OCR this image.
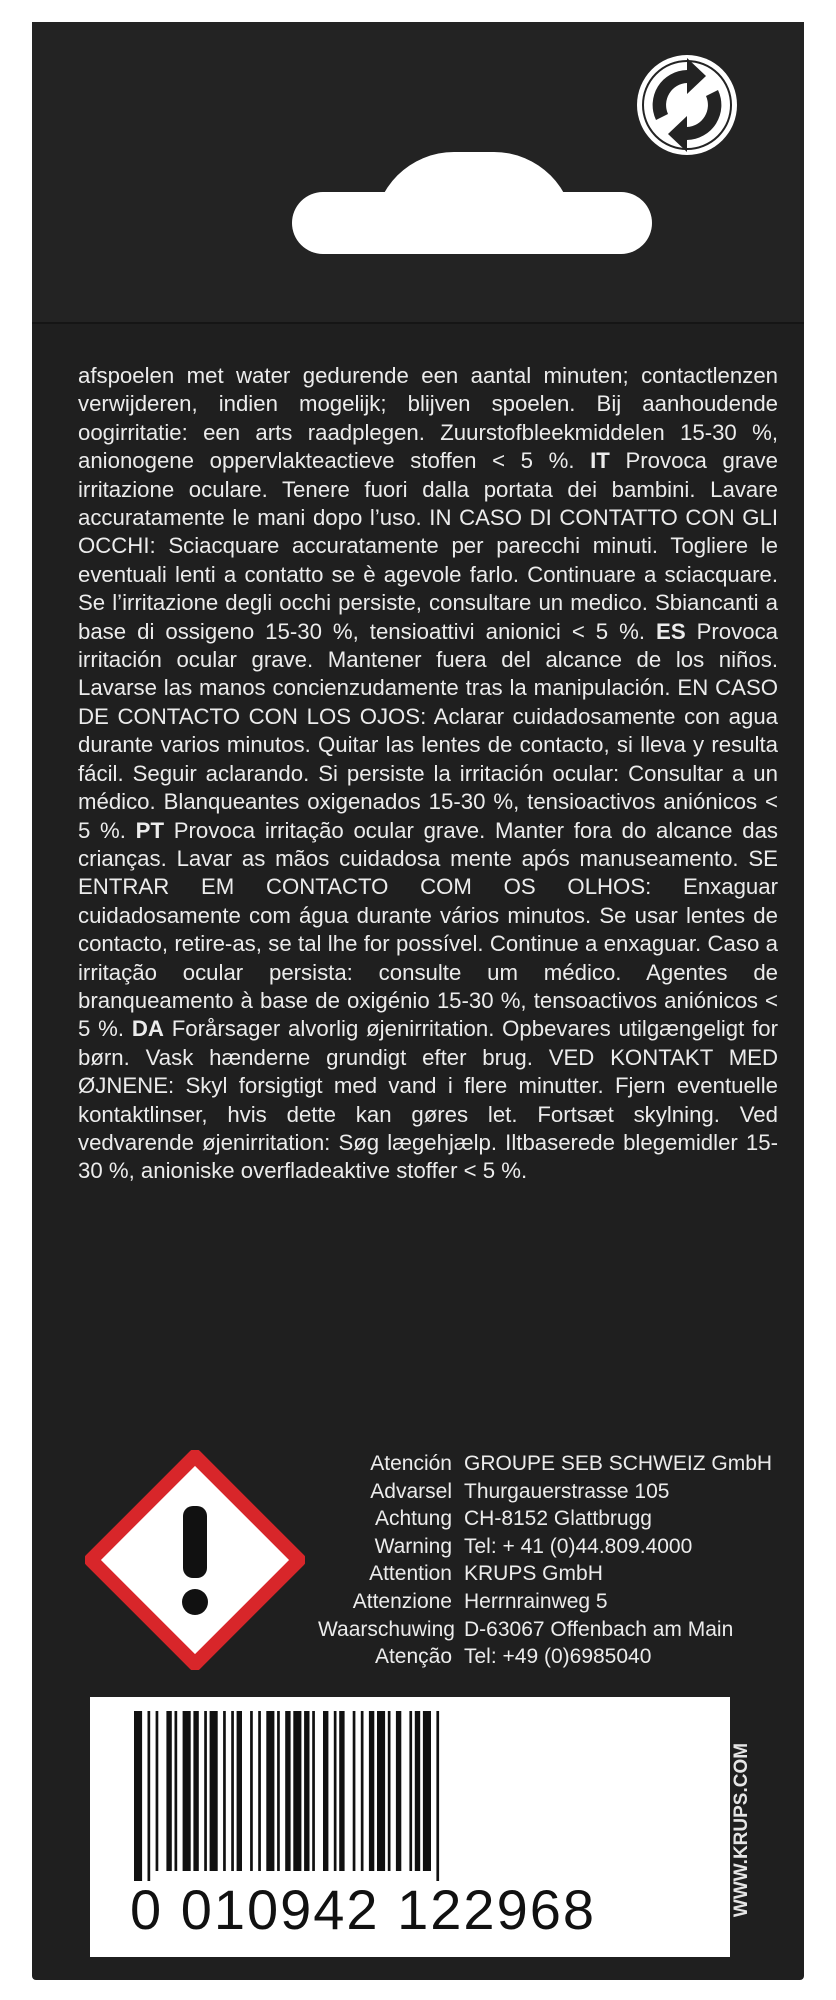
afspoelen met water gedurende een aantal minuten; contactlenzen verwijderen, indien mogelijk; blijven spoelen. Bij aanhoudende oogirritatie: een arts raadplegen. Zuurstofbleekmiddelen 15-30 %, anionogene oppervlakteactieve stoffen < 5 %. IT Provoca grave irritazione oculare. Tenere fuori dalla portata dei bambini. Lavare accuratamente le mani dopo l’uso. IN CASO DI CONTATTO CON GLI OCCHI: Sciacquare accuratamente per parecchi minuti. Togliere le eventuali lenti a contatto se è agevole farlo. Continuare a sciacquare. Se l’irritazione degli occhi persiste, consultare un medico. Sbiancanti a base di ossigeno 15-30 %, tensioattivi anionici < 5 %. ES Provoca irritación ocular grave. Mantener fuera del alcance de los niños. Lavarse las manos concienzudamente tras la manipulación. EN CASO DE CONTACTO CON LOS OJOS: Aclarar cuidadosamente con agua durante varios minutos. Quitar las lentes de contacto, si lleva y resulta fácil. Seguir aclarando. Si persiste la irritación ocular: Consultar a un médico. Blanqueantes oxigenados 15-30 %, tensioactivos aniónicos < 5 %. PT Provoca irritação ocular grave. Manter fora do alcance das crianças. Lavar as mãos cuidadosa mente após manuseamento. SE ENTRAR EM CONTACTO COM OS OLHOS: Enxaguar cuidadosamente com água durante vários minutos. Se usar lentes de contacto, retire-as, se tal lhe for possível. Continue a enxaguar. Caso a irritação ocular persista: consulte um médico. Agentes de branqueamento à base de oxigénio 15-30 %, tensoactivos aniónicos < 5 %. DA Forårsager alvorlig øjenirritation. Opbevares utilgængeligt for børn. Vask hænderne grundigt efter brug. VED KONTAKT MED ØJNENE: Skyl forsigtigt med vand i flere minutter. Fjern eventuelle kontaktlinser, hvis dette kan gøres let. Fortsæt skylning. Ved vedvarende øjenirritation: Søg lægehjælp. Iltbaserede blegemidler 15-30 %, anioniske overfladeaktive stoffer < 5 %.

Atención GROUPE SEB SCHWEIZ GmbH
Advarsel Thurgauerstrasse 105
Achtung CH-8152 Glattbrugg
Warning Tel: + 41 (0)44.809.4000
Attention KRUPS GmbH
Attenzione Herrnrainweg 5
Waarschuwing D-63067 Offenbach am Main
Atenção Tel: +49 (0)6985040
0 010942 122968	WWW.KRUPS.COM
